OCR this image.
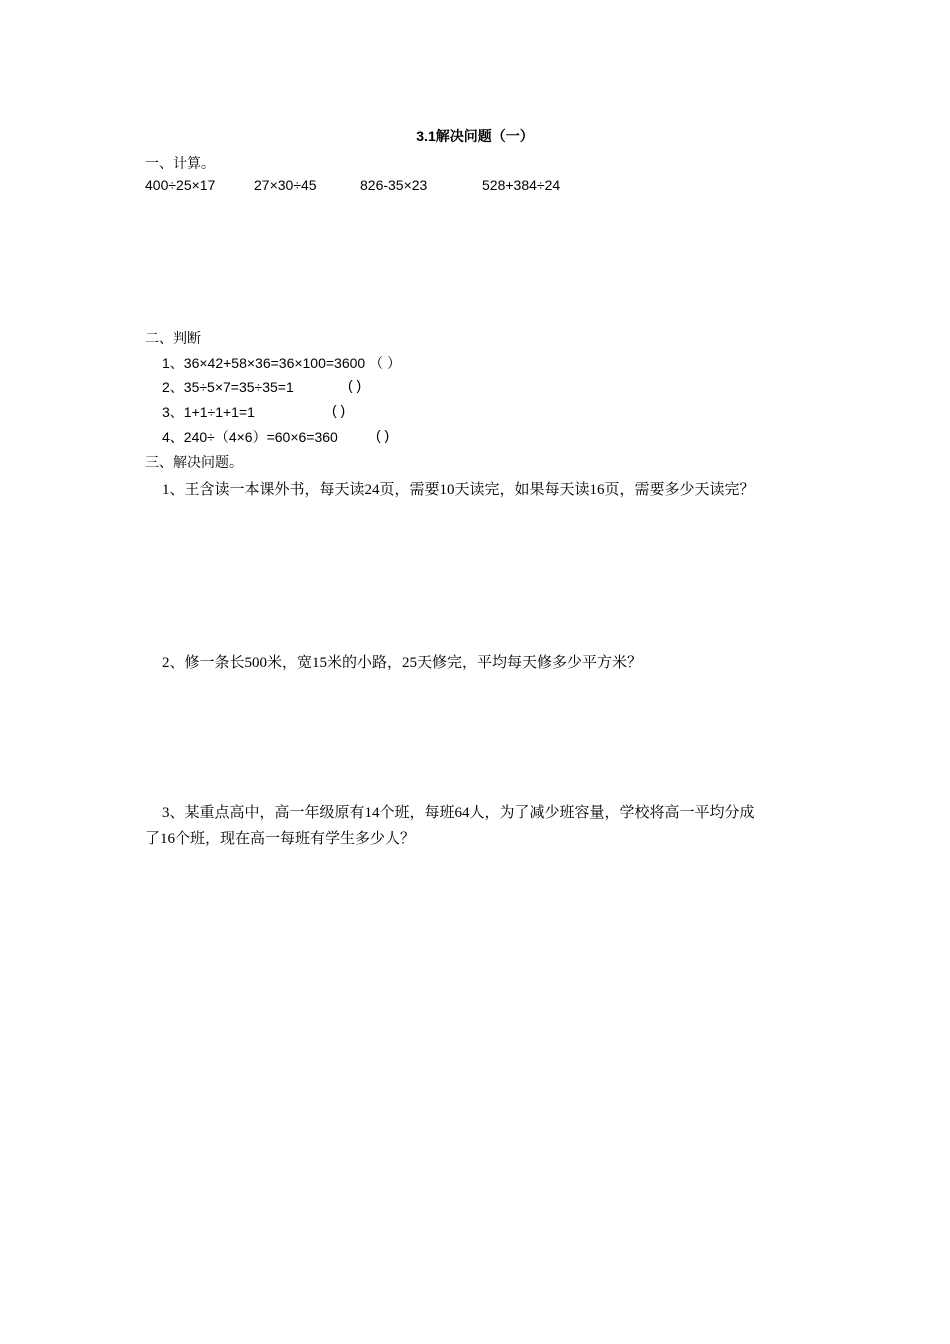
3.1解决问题（一）
一、计算。
400÷25×17	27×30÷45	826-35×23	528+384÷24
二、判断
1、36×42+58×36=36×100=3600 （ ）
2、35÷5×7=35÷35=1	( )
3、1+1÷1+1=1	( )
4、240÷（4×6）=60×6=360	( )
三、解决问题。
1、王含读一本课外书，每天读24页，需要10天读完，如果每天读16页，需要多少天读完？
2、修一条长500米，宽15米的小路，25天修完，平均每天修多少平方米？
3、某重点高中，高一年级原有14个班，每班64人，为了减少班容量，学校将高一平均分成
了16个班，现在高一每班有学生多少人？
